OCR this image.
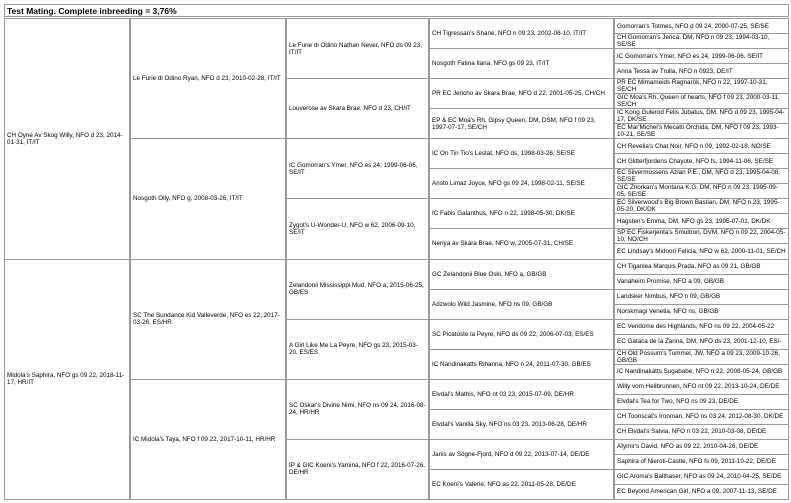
Test Mating. Complete inbreeding = 3,76%
CH Oyne Av Skog Willy, NFO d 23, 2014-01-31, IT/IT
Midola's Saphira, NFO gs 09 22, 2018-11-17, HR/IT
Le Furie di Odino Ryan, NFO d 23, 2010-02-28, IT/IT
Nosgoth Olly, NFO g, 2008-03-26, IT/IT
SC The Sundance Kid Valleverde, NFO es 22, 2017-03-26, ES/HR
IC Midola's Taya, NFO f 09 22, 2017-10-11, HR/HR
Le Furie di Odino Nathan Never, NFO ds 09 23, IT/IT
Louverose av Skara Brae, NFO d 23, CH/IT
IC Gomorran's Ymer, NFO es 24, 1999-06-06, SE/IT
Zygot's U-Wonder-U, NFO w 62, 2006-09-10, SE/IT
Zelandonii Mississippi Mud, NFO a, 2015-06-25, GB/ES
A Girl Like Me La Peyre, NFO gs 23, 2015-03-20, ES/ES
SC Oskar's Divine Nimi, NFO ns 09 24, 2016-08-24, HR/HR
IP & GIC Koeni's Yamina, NFO f 22, 2016-07-26, DE/HR
CH Tigressan's Shane, NFO n 09 23, 2002-06-10, IT/IT
Nosgoth Fatina Ilaria, NFO gs 09 23, IT/IT
PR EC Jericho av Skara Brae, NFO d 22, 2001-05-25, CH/CH
EP & EC Moa's Rh. Gipsy Queen, DM, DSM, NFO f 09 23, 1997-07-17, SE/CH
IC On Tin Tio's Lestat, NFO ds, 1998-03-26, SE/SE
Aristo Limaz Joyce, NFO gs 09 24, 1998-02-11, SE/SE
IC Fabis Galanthus, NFO n 22, 1998-05-30, DK/SE
Nenya av Skara Brae, NFO w, 2005-07-31, CH/SE
GC Zelandonii Blue Oski, NFO a, GB/GB
Adzwolo Wild Jasmine, NFO ns 09, GB/GB
SC Picatoste la Peyre, NFO ds 09 22, 2006-07-03, ES/ES
IC Nandinakatts Rihanna, NFO n 24, 2011-07-30, GB/ES
Elvdal's Mathis, NFO nt 03 23, 2015-07-09, DE/HR
Elvdal's Vanilla Sky, NFO ns 03 23, 2013-06-28, DE/HR
Janis av Sögne-Fjord, NFO d 09 22, 2013-07-14, DE/DE
EC Koeni's Valerie, NFO as 22, 2011-05-28, DE/DE
Gomorran's Totmes, NFO d 09 24, 2000-07-25, SE/SE
CH Gomorran's Jerica, DM, NFO n 09 23, 1994-03-10, SE/SE
IC Gomorran's Ymer, NFO es 24, 1999-06-06, SE/IT
Anna Tessa av Trulla, NFO n 0923, DE/IT
PR EC Mimameids Ragnarök, NFO n 22, 1997-10-31, SE/CH
GIC Moa's Rh. Queen of hearts, NFO f 09 23, 2000-03-11, SE/CH
IC Kong Gulerod Felis Jubatus, DM, NFO d 09 23, 1995-04-17, DK/SE
EC Mar'Michel's Mecatti Orchida, DM, NFO f 09 23, 1993-10-21, SE/SE
CH Revelia's Chat Noir, NFO n 09, 1992-02-18, NO/SE
CH Glitterfjordens Chayote, NFO fs, 1994-11-06, SE/SE
EC Silvermossens Azlan P.E., DM, NFO d 23, 1995-04-08, SE/SE
GIC Znorkan's Montana K.G, DM, NFO n 09 23, 1995-09-05, SE/SE
EC Silverwood's Big Brown Bastian, DM, NFO n 23, 1995-05-20, DK/DK
Hagsten's Emma, DM, NFO gs 23, 1995-07-01, DK/DK
SP EC Fiskerjenta's Smultron, DVM, NFO n 09 22, 2004-05-10, NO/CH
EC Lindsay's Midoori Felicia, NFO w 62, 2000-11-01, SE/CH
CH Tiganlea Marquis Prada, NFO as 09 21, GB/GB
Vanaheim Promise, NFO a 09, GB/GB
Landsker Nimbus, NFO n 09, GB/GB
Norskmagi Venetia, NFO ns, GB/GB
EC Vendome des Highlands, NFO ns 09 22, 2004-05-22
EC Gataca de la Zarina, DM, NFO ds 23, 2001-12-10, ES/-
CH Old Possum's Tummel, JW, NFO a 09 23, 2009-10-26, GB/GB
IC Nandinakatts Sugababe, NFO n 22, 2008-05-24, GB/GB
Willy vom Heilbrunnen, NFO nt 09 22, 2013-10-24, DE/DE
Elvdal's Tea for Two, NFO ns 09 23, DE/DE
CH Toonscat's Ironman, NFO ns 03 24, 2012-08-30, DK/DE
CH Elvdal's Salvia, NFO n 03 22, 2010-03-08, DE/DE
Afymir's David, NFO as 09 22, 2010-04-26, DE/DE
Saphira of Nieroti-Castle, NFO fs 09, 2011-10-22, DE/DE
GIC Aroma's Balthaser, NFO as 09 24, 2010-04-25, SE/DE
EC Beyond American Girl, NFO a 09, 2007-11-13, SE/DE
